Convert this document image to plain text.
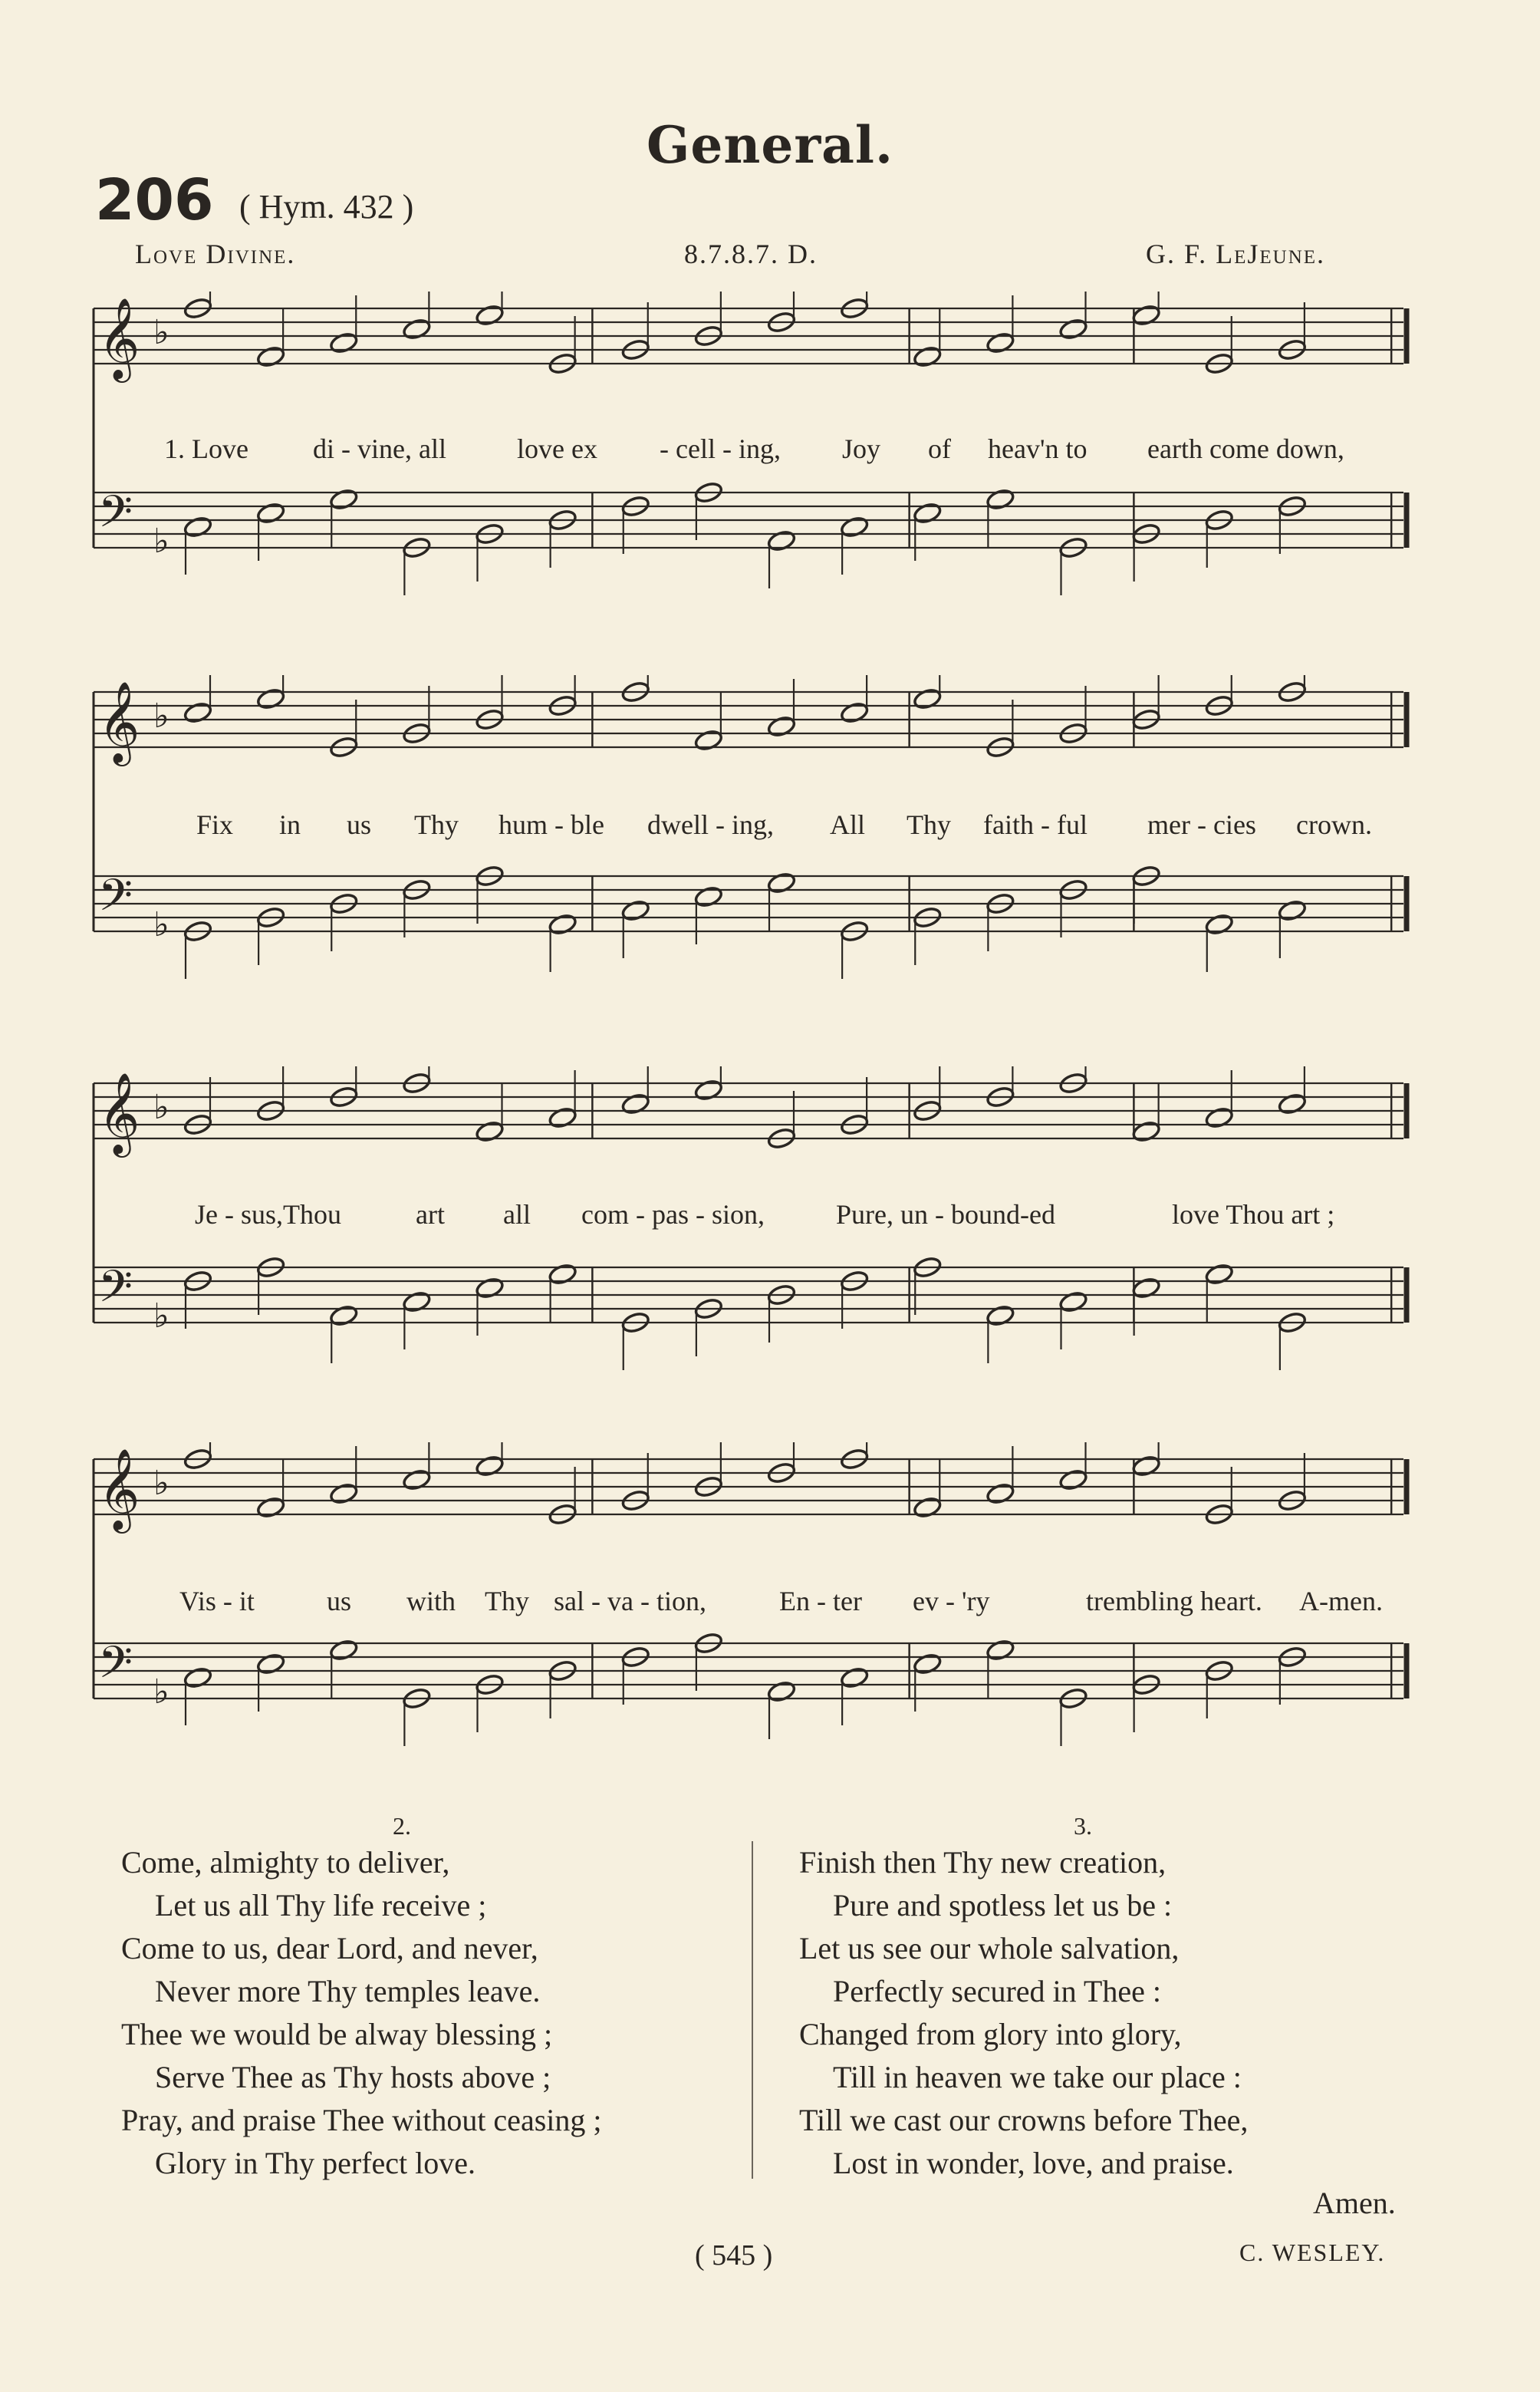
General.
206 ( Hym. 432 )
Love Divine.	8.7.8.7. D.	G. F. LeJeune.
𝄞 ♭
𝄢 ♭
1. Love di - vine, all	love ex - cell - ing, Joy of heav'n to earth come down,
𝄞 ♭
𝄢 ♭
Fix in us Thy hum - ble dwell - ing, All Thy faith - ful mer - cies crown.
𝄞 ♭
𝄢 ♭
Je - sus,Thou	art all com - pas - sion,	Pure, un - bound-ed	love Thou art ;
𝄞 ♭
𝄢 ♭
Vis - it	us with Thy sal - va - tion,	En - ter ev - 'ry	trembling heart. A-men.
2.
Come, almighty to deliver,
Let us all Thy life receive ;
Come to us, dear Lord, and never,
Never more Thy temples leave.
Thee we would be alway blessing ;
Serve Thee as Thy hosts above ;
Pray, and praise Thee without ceasing ;
Glory in Thy perfect love.
3.
Finish then Thy new creation,
Pure and spotless let us be :
Let us see our whole salvation,
Perfectly secured in Thee :
Changed from glory into glory,
Till in heaven we take our place :
Till we cast our crowns before Thee,
Lost in wonder, love, and praise.
Amen.
( 545 )	C. WESLEY.
